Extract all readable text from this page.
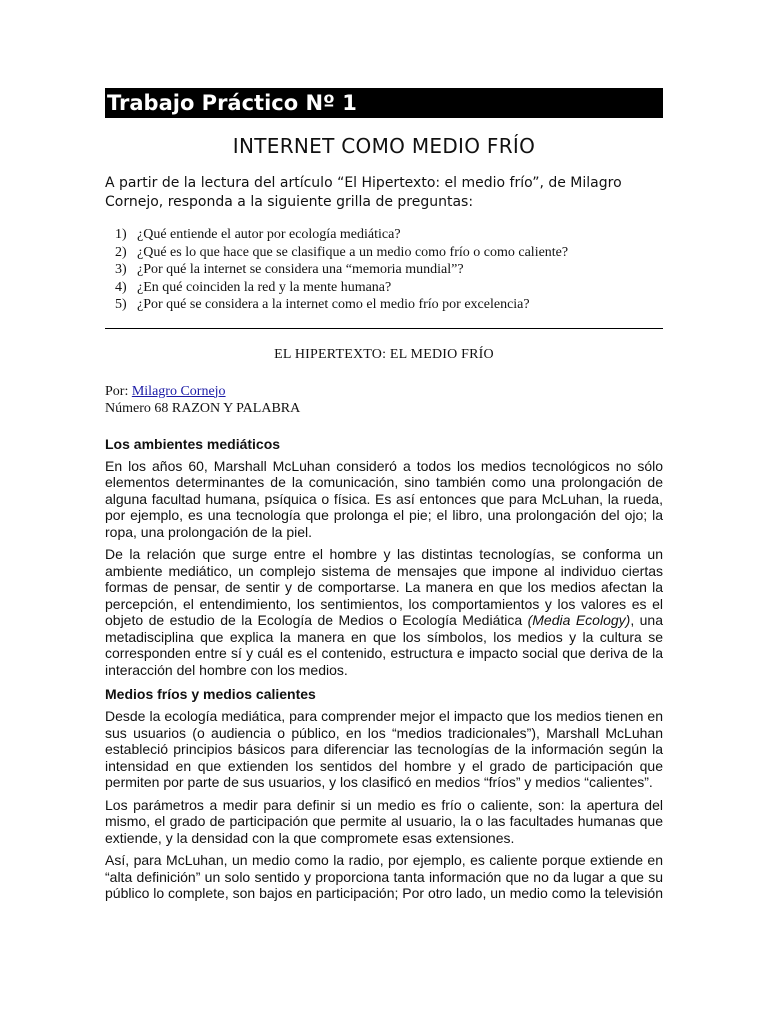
Trabajo Práctico Nº 1
INTERNET COMO MEDIO FRÍO
A partir de la lectura del artículo “El Hipertexto: el medio frío”, de Milagro Cornejo, responda a la siguiente grilla de preguntas:
1) ¿Qué entiende el autor por ecología mediática?
2) ¿Qué es lo que hace que se clasifique a un medio como frío o como caliente?
3) ¿Por qué la internet se considera una “memoria mundial”?
4) ¿En qué coinciden la red y la mente humana?
5) ¿Por qué se considera a la internet como el medio frío por excelencia?
EL HIPERTEXTO: EL MEDIO FRÍO
Por: Milagro Cornejo
Número 68 RAZON Y PALABRA
Los ambientes mediáticos

En los años 60, Marshall McLuhan consideró a todos los medios tecnológicos no sólo elementos determinantes de la comunicación, sino también como una prolongación de alguna facultad humana, psíquica o física. Es así entonces que para McLuhan, la rueda, por ejemplo, es una tecnología que prolonga el pie; el libro, una prolongación del ojo; la ropa, una prolongación de la piel.

De la relación que surge entre el hombre y las distintas tecnologías, se conforma un ambiente mediático, un complejo sistema de mensajes que impone al individuo ciertas formas de pensar, de sentir y de comportarse. La manera en que los medios afectan la percepción, el entendimiento, los sentimientos, los comportamientos y los valores es el objeto de estudio de la Ecología de Medios o Ecología Mediática (Media Ecology), una metadisciplina que explica la manera en que los símbolos, los medios y la cultura se corresponden entre sí y cuál es el contenido, estructura e impacto social que deriva de la interacción del hombre con los medios.

Medios fríos y medios calientes

Desde la ecología mediática, para comprender mejor el impacto que los medios tienen en sus usuarios (o audiencia o público, en los “medios tradicionales”), Marshall McLuhan estableció principios básicos para diferenciar las tecnologías de la información según la intensidad en que extienden los sentidos del hombre y el grado de participación que permiten por parte de sus usuarios, y los clasificó en medios “fríos” y medios “calientes”.

Los parámetros a medir para definir si un medio es frío o caliente, son: la apertura del mismo, el grado de participación que permite al usuario, la o las facultades humanas que extiende, y la densidad con la que compromete esas extensiones.

Así, para McLuhan, un medio como la radio, por ejemplo, es caliente porque extiende en “alta definición” un solo sentido y proporciona tanta información que no da lugar a que su público lo complete, son bajos en participación; Por otro lado, un medio como la televisión
